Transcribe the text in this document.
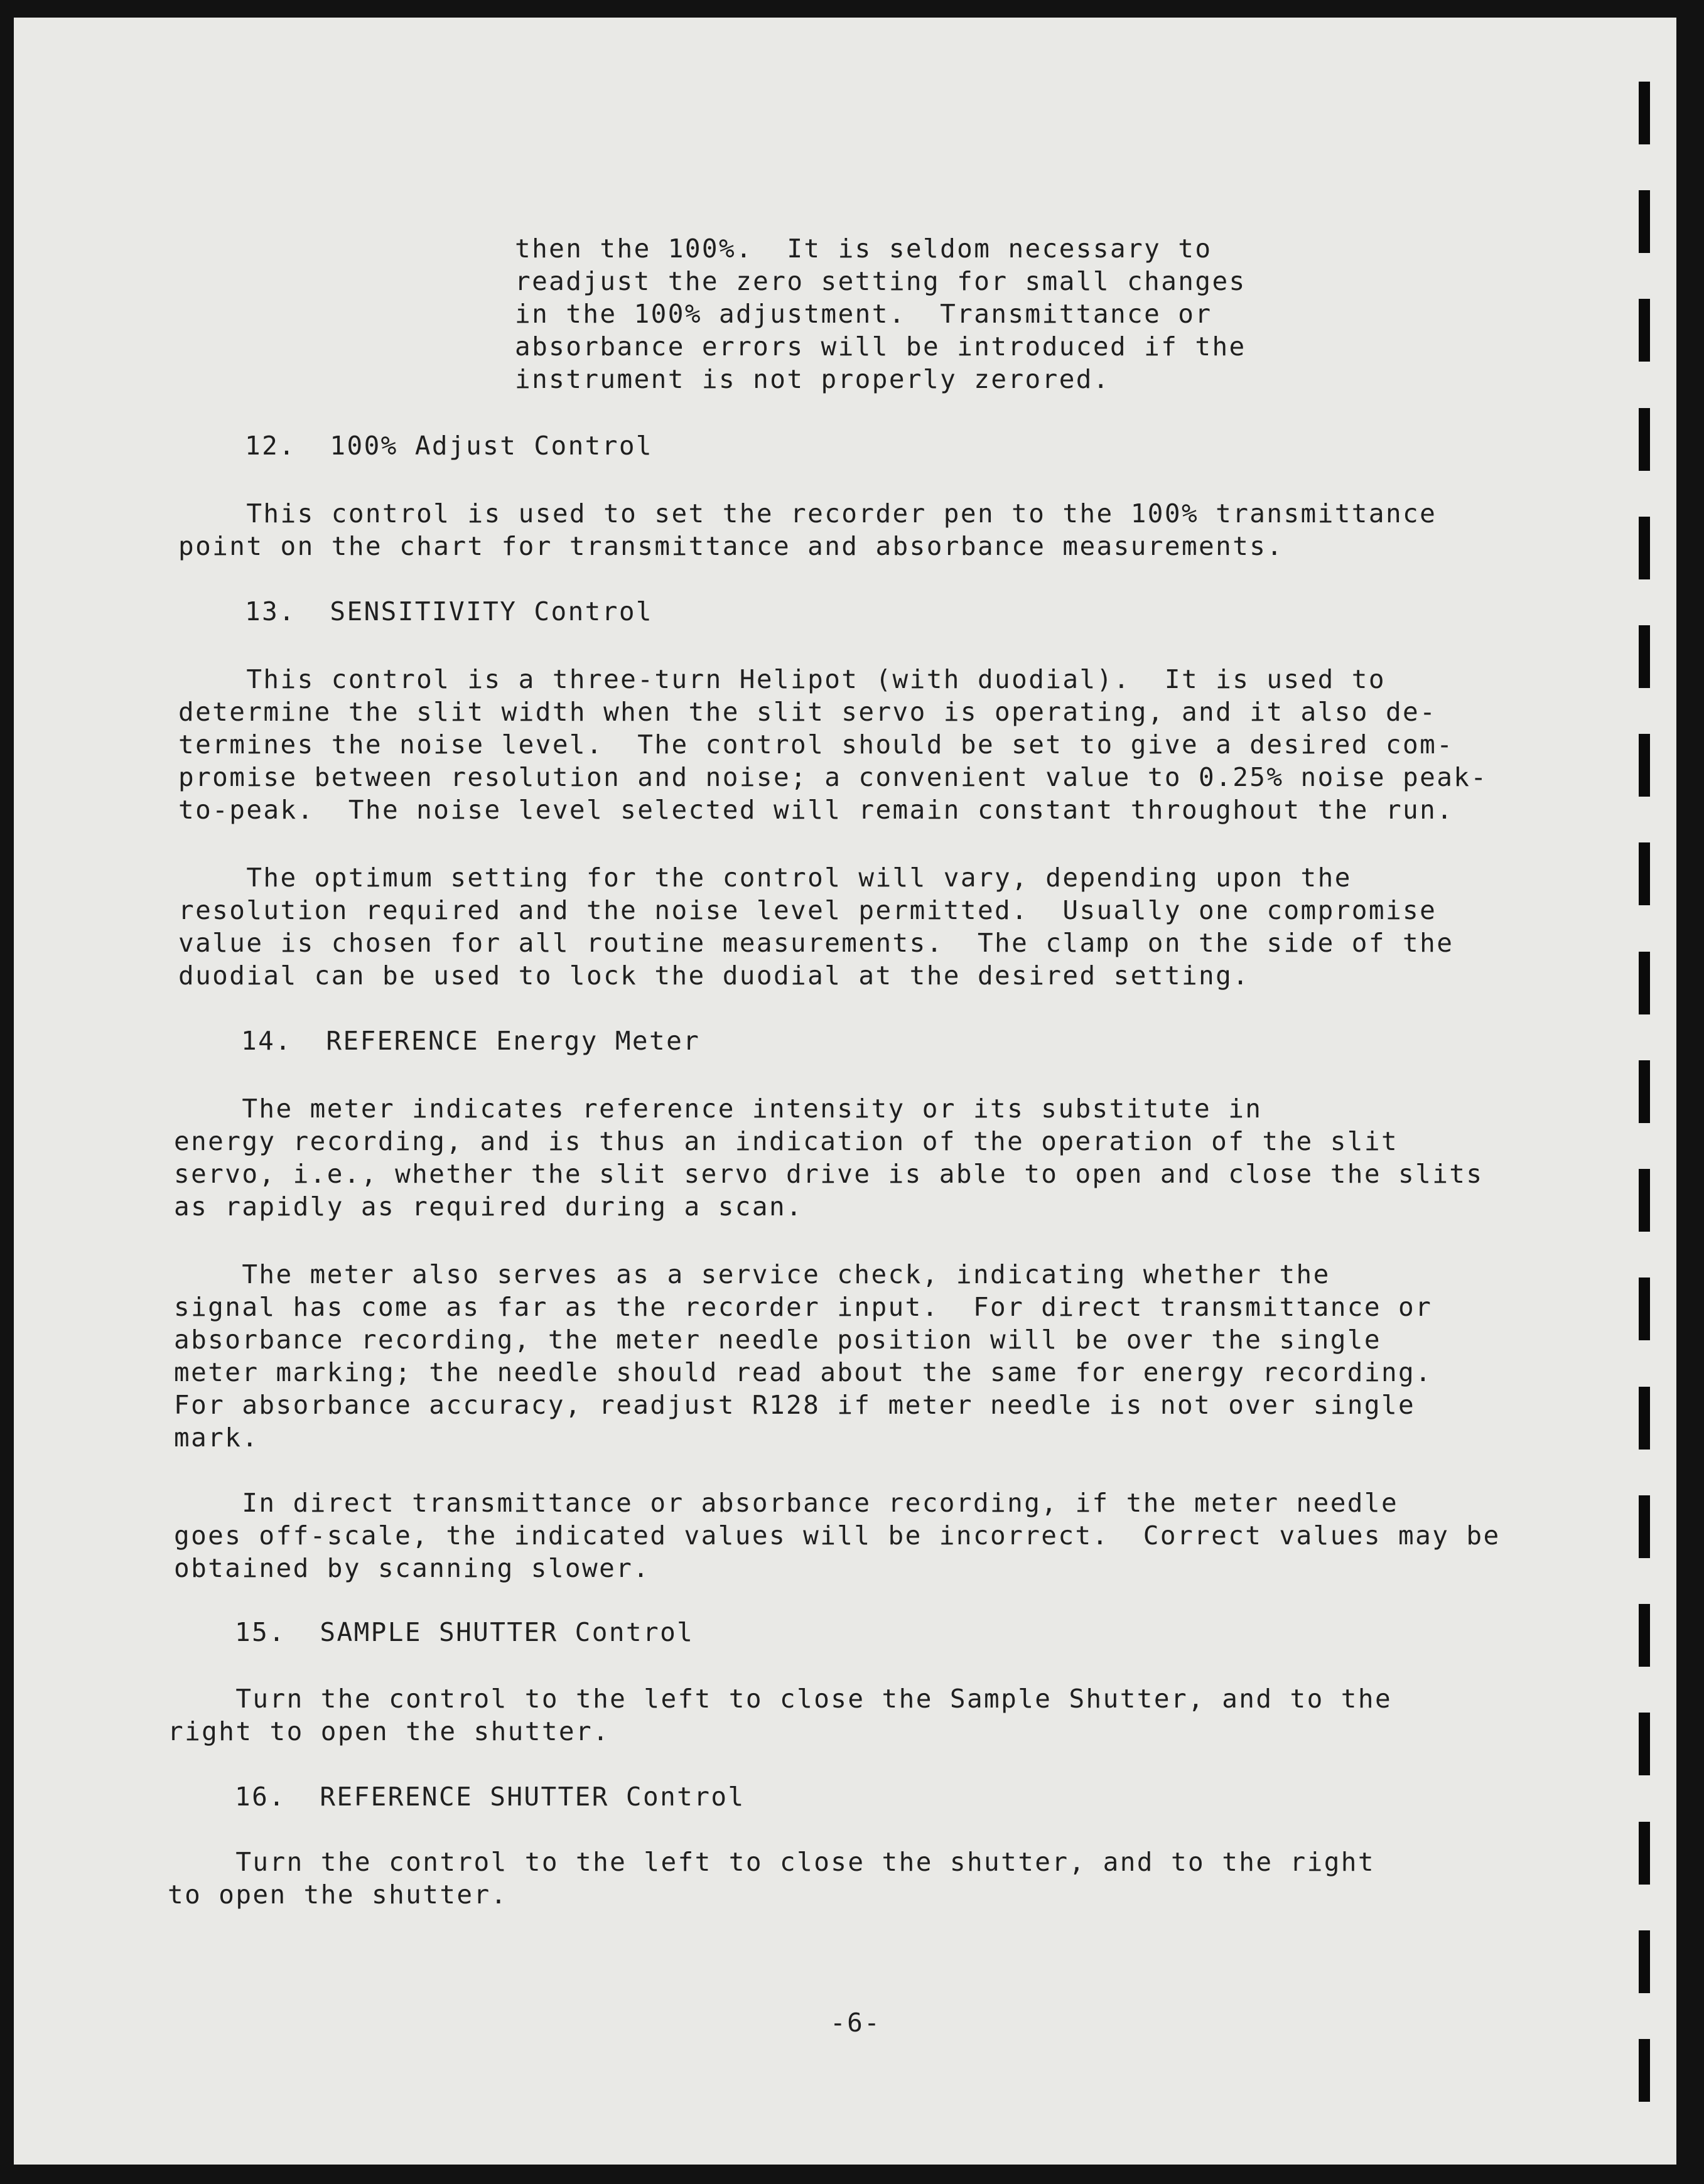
then the 100%.  It is seldom necessary to
readjust the zero setting for small changes
in the 100% adjustment.  Transmittance or
absorbance errors will be introduced if the
instrument is not properly zerored.
12.  100% Adjust Control
This control is used to set the recorder pen to the 100% transmittance
point on the chart for transmittance and absorbance measurements.
13.  SENSITIVITY Control
This control is a three-turn Helipot (with duodial).  It is used to
determine the slit width when the slit servo is operating, and it also de-
termines the noise level.  The control should be set to give a desired com-
promise between resolution and noise; a convenient value to 0.25% noise peak-
to-peak.  The noise level selected will remain constant throughout the run.
The optimum setting for the control will vary, depending upon the
resolution required and the noise level permitted.  Usually one compromise
value is chosen for all routine measurements.  The clamp on the side of the
duodial can be used to lock the duodial at the desired setting.
14.  REFERENCE Energy Meter
The meter indicates reference intensity or its substitute in
energy recording, and is thus an indication of the operation of the slit
servo, i.e., whether the slit servo drive is able to open and close the slits
as rapidly as required during a scan.
The meter also serves as a service check, indicating whether the
signal has come as far as the recorder input.  For direct transmittance or
absorbance recording, the meter needle position will be over the single
meter marking; the needle should read about the same for energy recording.
For absorbance accuracy, readjust R128 if meter needle is not over single
mark.
In direct transmittance or absorbance recording, if the meter needle
goes off-scale, the indicated values will be incorrect.  Correct values may be
obtained by scanning slower.
15.  SAMPLE SHUTTER Control
Turn the control to the left to close the Sample Shutter, and to the
right to open the shutter.
16.  REFERENCE SHUTTER Control
Turn the control to the left to close the shutter, and to the right
to open the shutter.
-6-
